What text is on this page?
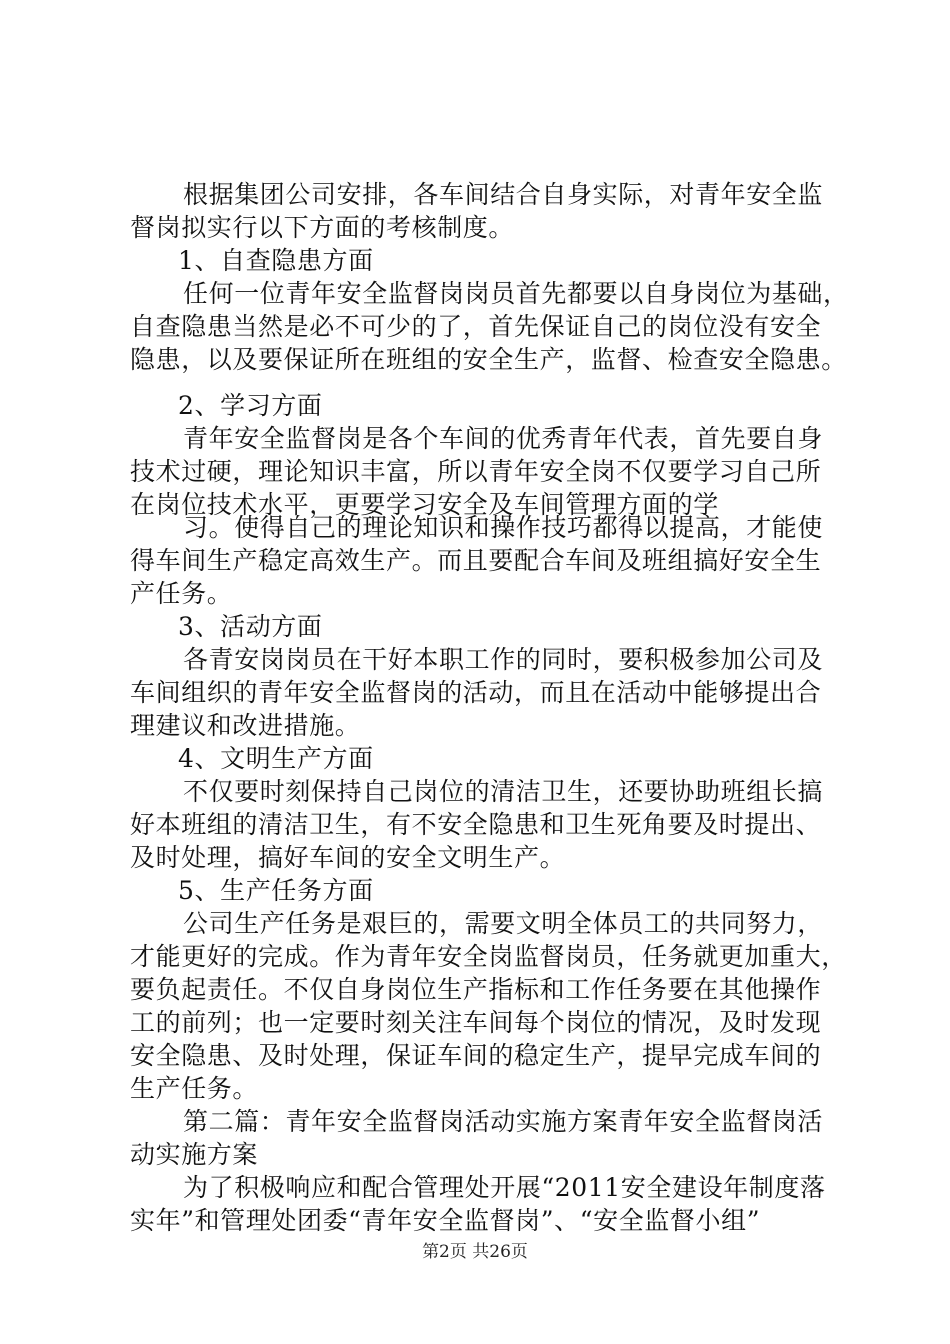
根据集团公司安排，各车间结合自身实际，对青年安全监
督岗拟实行以下方面的考核制度。
1、自查隐患方面
任何一位青年安全监督岗岗员首先都要以自身岗位为基础，
自查隐患当然是必不可少的了，首先保证自己的岗位没有安全
隐患，以及要保证所在班组的安全生产，监督、检查安全隐患。
2、学习方面
青年安全监督岗是各个车间的优秀青年代表，首先要自身
技术过硬，理论知识丰富，所以青年安全岗不仅要学习自己所
在岗位技术水平，更要学习安全及车间管理方面的学
习。使得自己的理论知识和操作技巧都得以提高，才能使
得车间生产稳定高效生产。而且要配合车间及班组搞好安全生
产任务。
3、活动方面
各青安岗岗员在干好本职工作的同时，要积极参加公司及
车间组织的青年安全监督岗的活动，而且在活动中能够提出合
理建议和改进措施。
4、文明生产方面
不仅要时刻保持自己岗位的清洁卫生，还要协助班组长搞
好本班组的清洁卫生，有不安全隐患和卫生死角要及时提出、
及时处理，搞好车间的安全文明生产。
5、生产任务方面
公司生产任务是艰巨的，需要文明全体员工的共同努力，
才能更好的完成。作为青年安全岗监督岗员，任务就更加重大，
要负起责任。不仅自身岗位生产指标和工作任务要在其他操作
工的前列；也一定要时刻关注车间每个岗位的情况，及时发现
安全隐患、及时处理，保证车间的稳定生产，提早完成车间的
生产任务。
第二篇：青年安全监督岗活动实施方案青年安全监督岗活
动实施方案
为了积极响应和配合管理处开展“2011安全建设年制度落
实年”和管理处团委“青年安全监督岗”、“安全监督小组”
第2页 共26页
